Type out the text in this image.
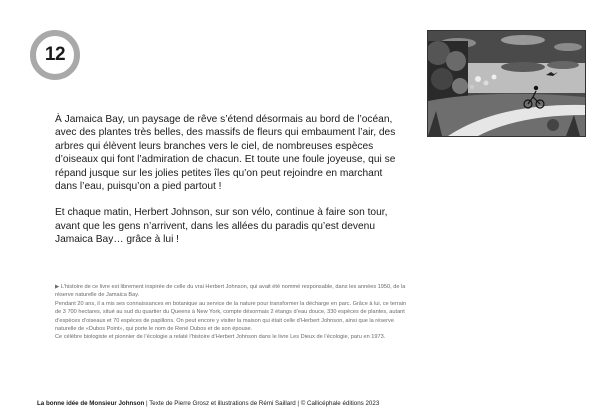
12

À Jamaica Bay, un paysage de rêve s’étend désormais au bord de l’océan, avec des plantes très belles, des massifs de fleurs qui embaument l’air, des arbres qui élèvent leurs branches vers le ciel, de nombreuses espèces d’oiseaux qui font l’admiration de chacun. Et toute une foule joyeuse, qui se répand jusque sur les jolies petites îles qu’on peut rejoindre en marchant dans l’eau, puisqu’on a pied partout !

Et chaque matin, Herbert Johnson, sur son vélo, continue à faire son tour, avant que les gens n’arrivent, dans les allées du paradis qu’est devenu Jamaica Bay… grâce à lui !

▶ L’histoire de ce livre est librement inspirée de celle du vrai Herbert Johnson, qui avait été nommé responsable, dans les années 1950, de la réserve naturelle de Jamaica Bay.

Pendant 20 ans, il a mis ses connaissances en botanique au service de la nature pour transformer la décharge en parc. Grâce à lui, ce terrain de 3 700 hectares, situé au sud du quartier du Queens à New York, compte désormais 2 étangs d’eau douce, 330 espèces de plantes, autant d’espèces d’oiseaux et 70 espèces de papillons. On peut encore y visiter la maison qui était celle d’Herbert Johnson, ainsi que la réserve naturelle de «Dubos Point», qui porte le nom de René Dubos et de son épouse.

Ce célèbre biologiste et pionnier de l’écologie a relaté l’histoire d’Herbert Johnson dans le livre Les Dieux de l’écologie, paru en 1973.

La bonne idée de Monsieur Johnson | Texte de Pierre Grosz et illustrations de Rémi Saillard | © Callicéphale éditions 2023
